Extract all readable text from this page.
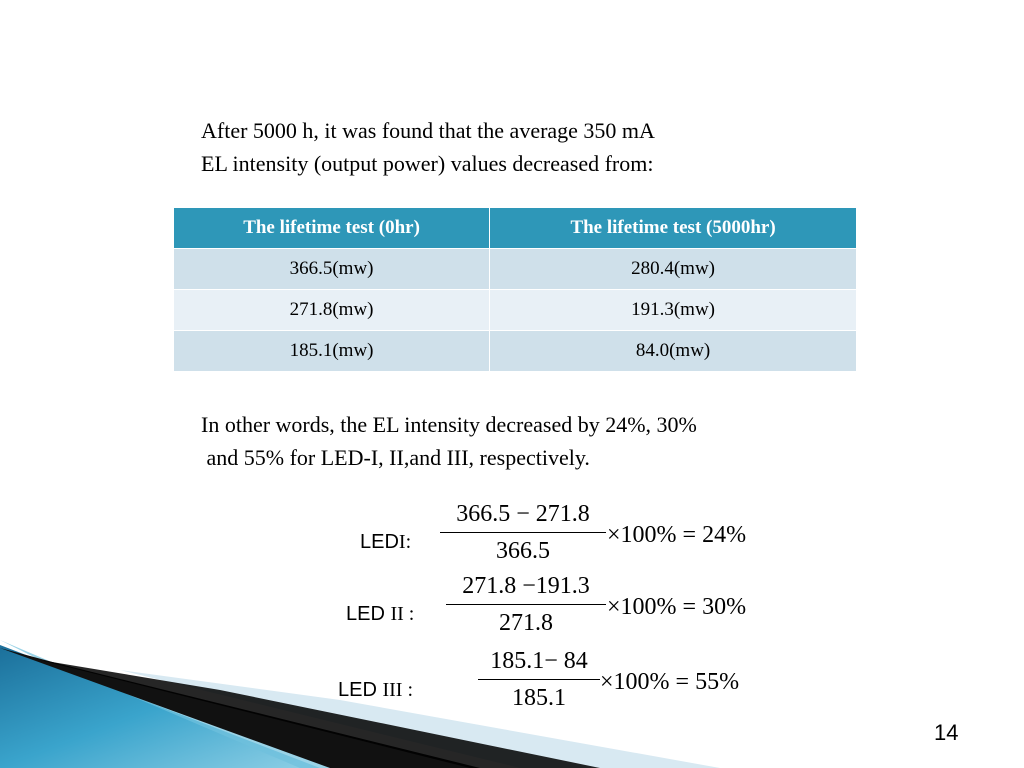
After 5000 h, it was found that the average 350 mA
EL intensity (output power) values decreased from:
The lifetime test (0hr)	The lifetime test (5000hr)
366.5(mw)	280.4(mw)
271.8(mw)	191.3(mw)
185.1(mw)	84.0(mw)
In other words, the EL intensity decreased by 24%, 30%
and 55% for LED-I, II,and III, respectively.
LEDI:
366.5 − 271.8
366.5
×100% = 24%
LED II :
271.8 −191.3
271.8
×100% = 30%
LED III :
185.1− 84
185.1
×100% = 55%
14
